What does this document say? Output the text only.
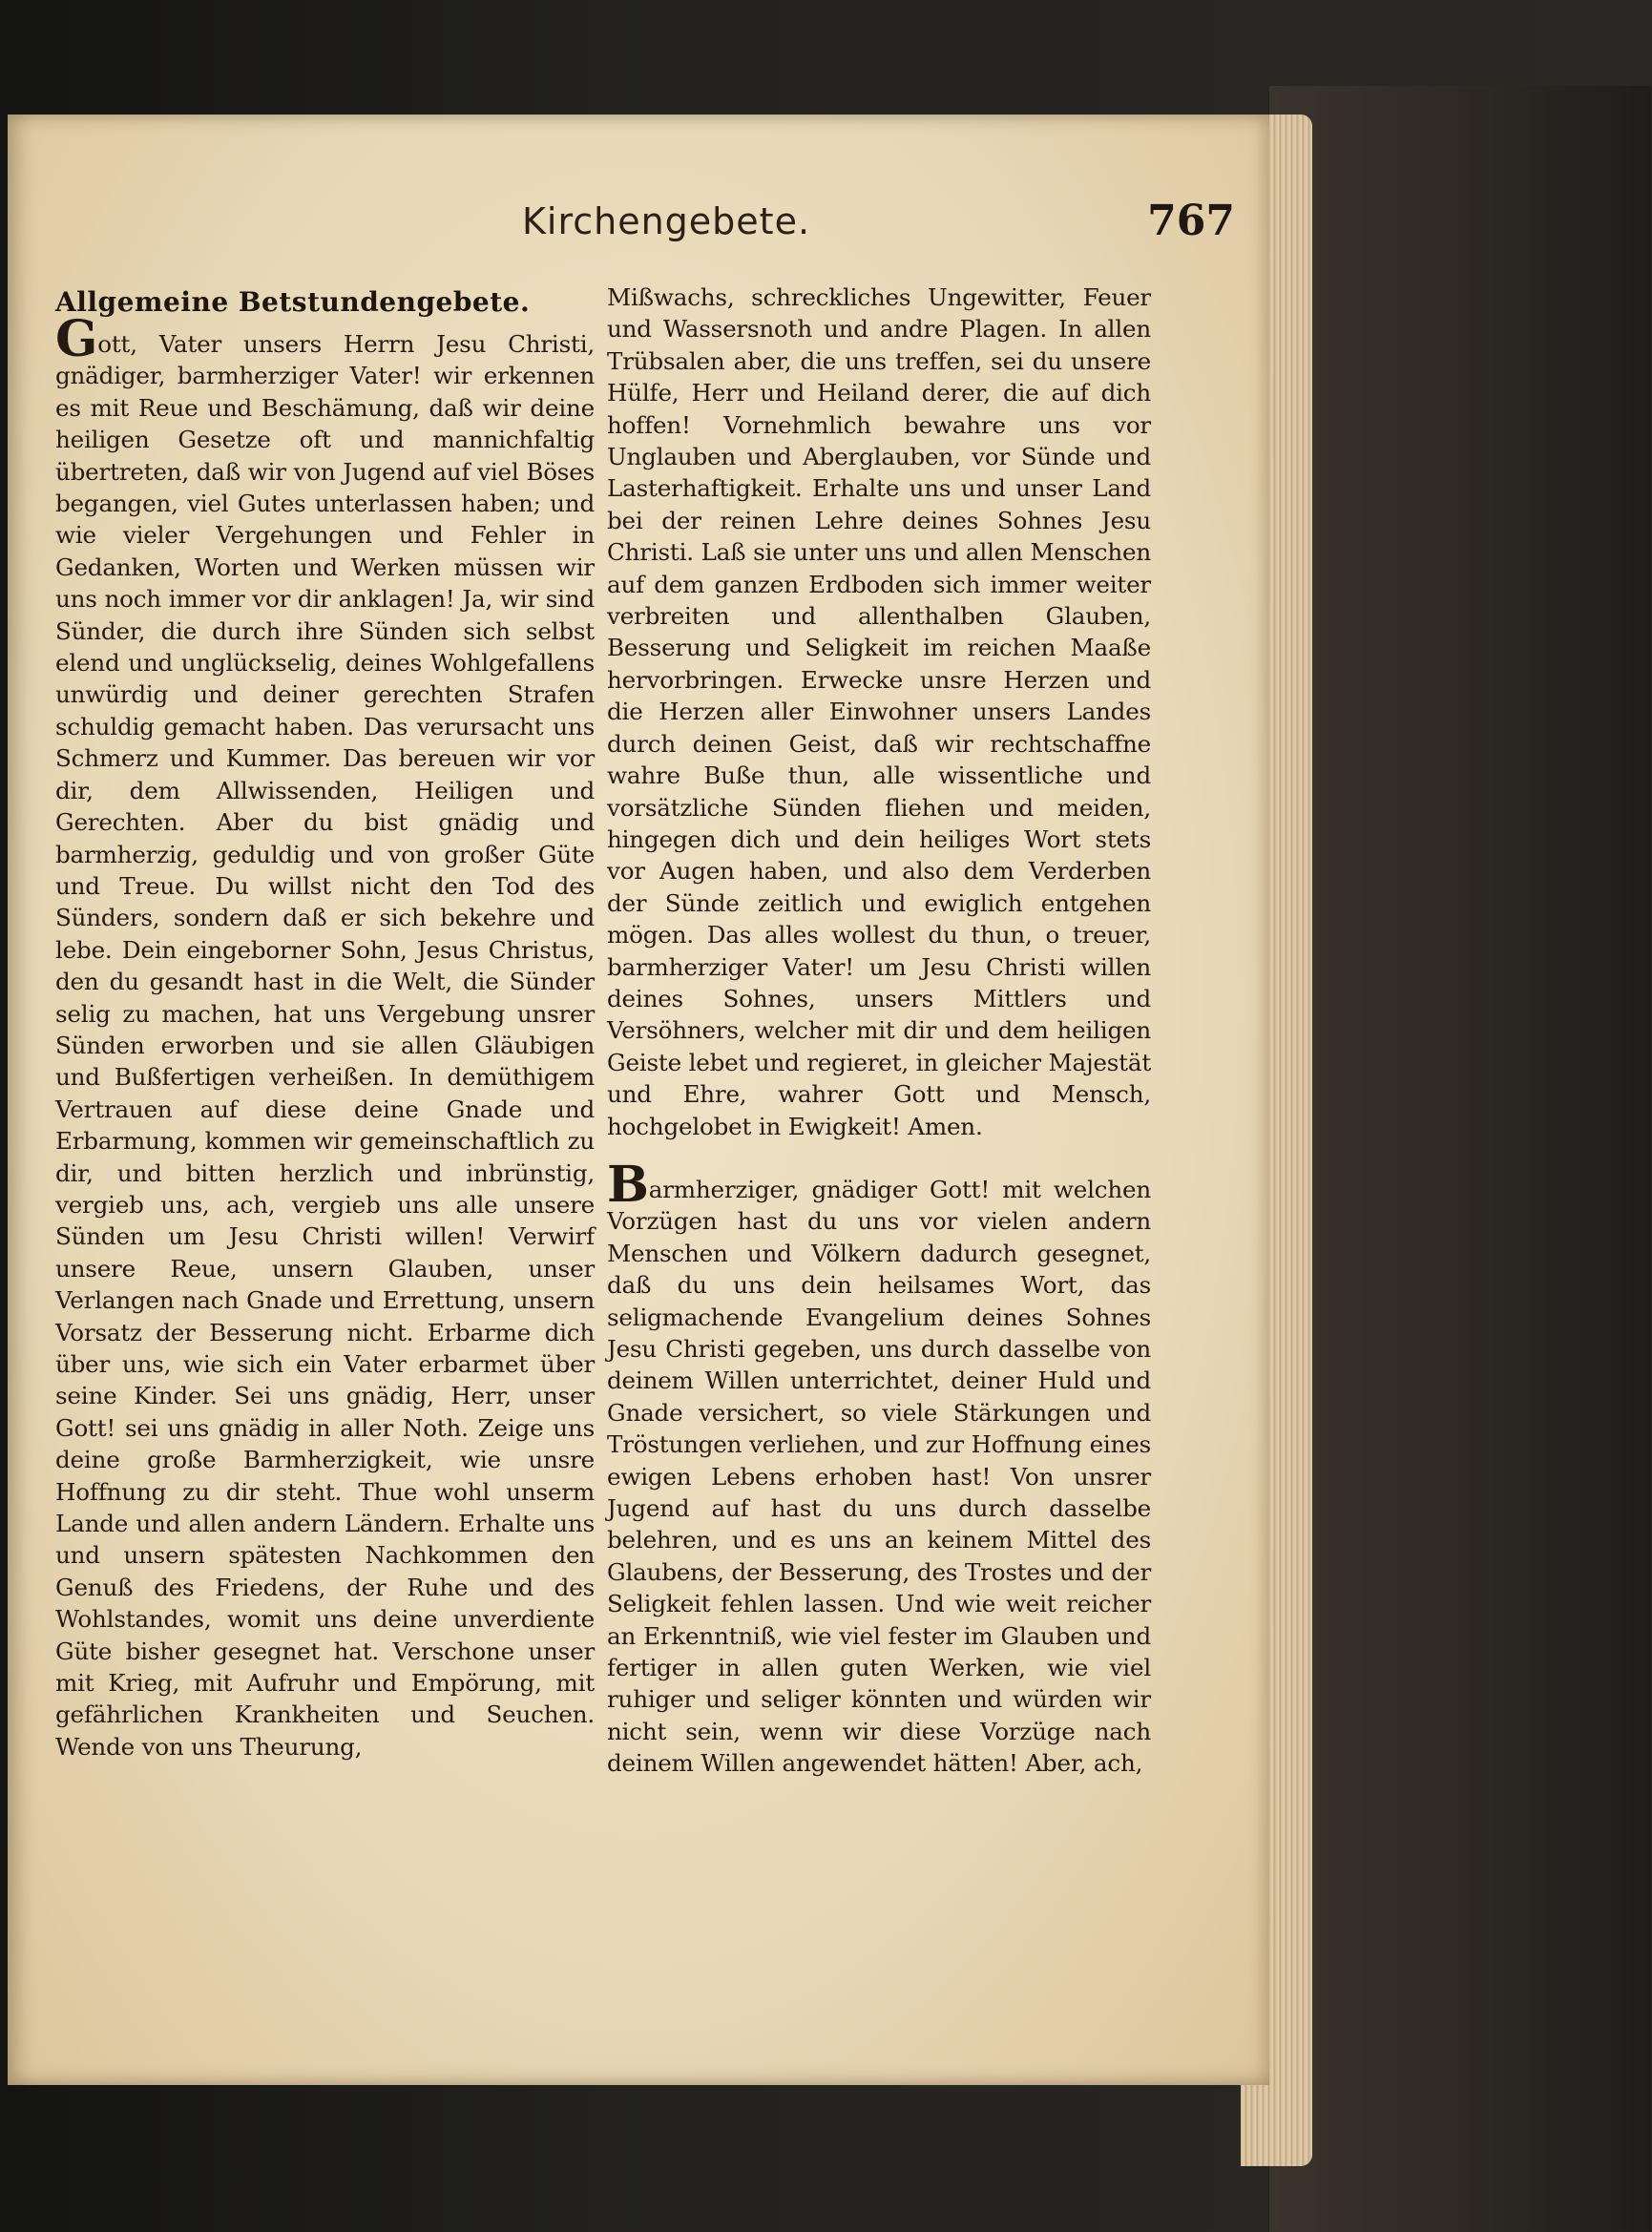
Kirchengebete.	767
Allgemeine Betstundengebete.

Gott, Vater unsers Herrn Jesu Christi, gnädiger, barmherziger Vater! wir erkennen es mit Reue und Beschämung, daß wir deine heiligen Gesetze oft und mannichfaltig übertreten, daß wir von Jugend auf viel Böses begangen, viel Gutes unterlassen haben; und wie vieler Vergehungen und Fehler in Gedanken, Worten und Werken müssen wir uns noch immer vor dir anklagen! Ja, wir sind Sünder, die durch ihre Sünden sich selbst elend und unglückselig, deines Wohlgefallens unwürdig und deiner gerechten Strafen schuldig gemacht haben. Das verursacht uns Schmerz und Kummer. Das bereuen wir vor dir, dem Allwissenden, Heiligen und Gerechten. Aber du bist gnädig und barmherzig, geduldig und von großer Güte und Treue. Du willst nicht den Tod des Sünders, sondern daß er sich bekehre und lebe. Dein eingeborner Sohn, Jesus Christus, den du gesandt hast in die Welt, die Sünder selig zu machen, hat uns Vergebung unsrer Sünden erworben und sie allen Gläubigen und Bußfertigen verheißen. In demüthigem Vertrauen auf diese deine Gnade und Erbarmung, kommen wir gemeinschaftlich zu dir, und bitten herzlich und inbrünstig, vergieb uns, ach, vergieb uns alle unsere Sünden um Jesu Christi willen! Verwirf unsere Reue, unsern Glauben, unser Verlangen nach Gnade und Errettung, unsern Vorsatz der Besserung nicht. Erbarme dich über uns, wie sich ein Vater erbarmet über seine Kinder. Sei uns gnädig, Herr, unser Gott! sei uns gnädig in aller Noth. Zeige uns deine große Barmherzigkeit, wie unsre Hoffnung zu dir steht. Thue wohl unserm Lande und allen andern Ländern. Erhalte uns und unsern spätesten Nachkommen den Genuß des Friedens, der Ruhe und des Wohlstandes, womit uns deine unverdiente Güte bisher gesegnet hat. Verschone unser mit Krieg, mit Aufruhr und Empörung, mit gefährlichen Krankheiten und Seuchen. Wende von uns Theurung,

Mißwachs, schreckliches Ungewitter, Feuer und Wassersnoth und andre Plagen. In allen Trübsalen aber, die uns treffen, sei du unsere Hülfe, Herr und Heiland derer, die auf dich hoffen! Vornehmlich bewahre uns vor Unglauben und Aberglauben, vor Sünde und Lasterhaftigkeit. Erhalte uns und unser Land bei der reinen Lehre deines Sohnes Jesu Christi. Laß sie unter uns und allen Menschen auf dem ganzen Erdboden sich immer weiter verbreiten und allenthalben Glauben, Besserung und Seligkeit im reichen Maaße hervorbringen. Erwecke unsre Herzen und die Herzen aller Einwohner unsers Landes durch deinen Geist, daß wir rechtschaffne wahre Buße thun, alle wissentliche und vorsätzliche Sünden fliehen und meiden, hingegen dich und dein heiliges Wort stets vor Augen haben, und also dem Verderben der Sünde zeitlich und ewiglich entgehen mögen. Das alles wollest du thun, o treuer, barmherziger Vater! um Jesu Christi willen deines Sohnes, unsers Mittlers und Versöhners, welcher mit dir und dem heiligen Geiste lebet und regieret, in gleicher Majestät und Ehre, wahrer Gott und Mensch, hochgelobet in Ewigkeit! Amen.

Barmherziger, gnädiger Gott! mit welchen Vorzügen hast du uns vor vielen andern Menschen und Völkern dadurch gesegnet, daß du uns dein heilsames Wort, das seligmachende Evangelium deines Sohnes Jesu Christi gegeben, uns durch dasselbe von deinem Willen unterrichtet, deiner Huld und Gnade versichert, so viele Stärkungen und Tröstungen verliehen, und zur Hoffnung eines ewigen Lebens erhoben hast! Von unsrer Jugend auf hast du uns durch dasselbe belehren, und es uns an keinem Mittel des Glaubens, der Besserung, des Trostes und der Seligkeit fehlen lassen. Und wie weit reicher an Erkenntniß, wie viel fester im Glauben und fertiger in allen guten Werken, wie viel ruhiger und seliger könnten und würden wir nicht sein, wenn wir diese Vorzüge nach deinem Willen angewendet hätten! Aber, ach,
